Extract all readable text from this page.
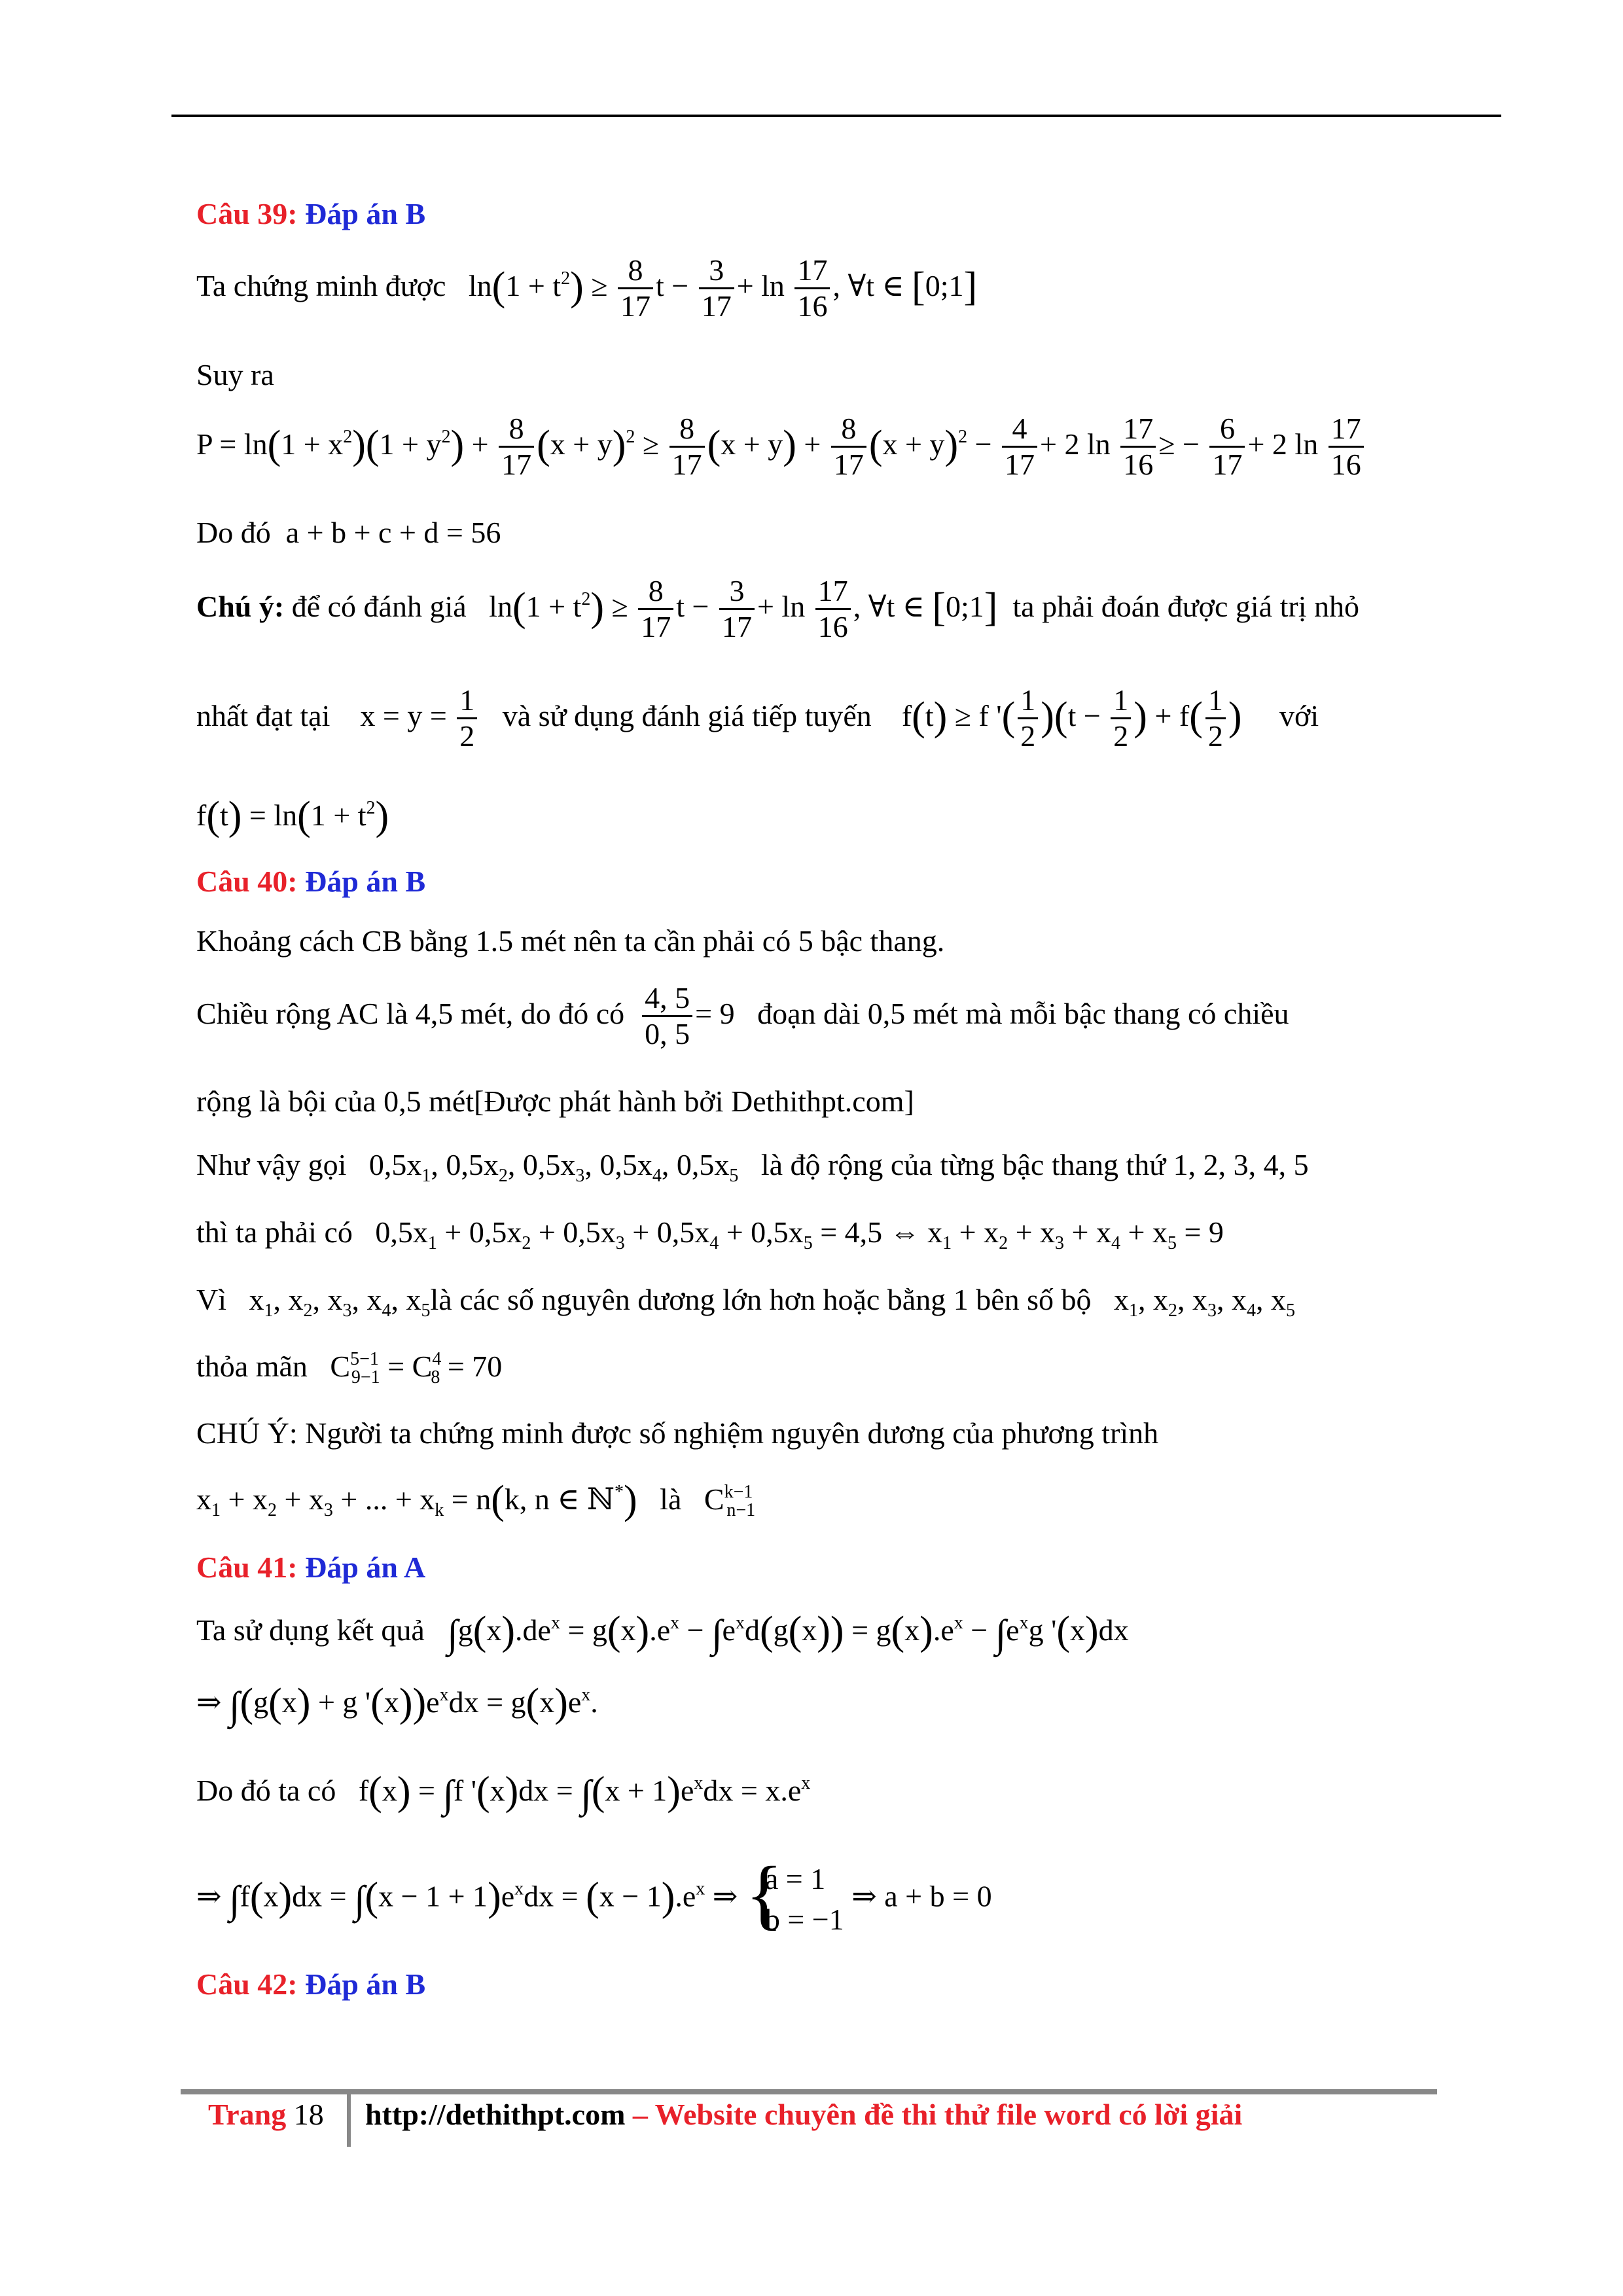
Câu 39: Đáp án B
Ta chứng minh được   $\ln(1 + t^2) \ge \frac{8}{17}$ $t - \frac{3}{17} + \ln \frac{17}{16}$ , ∀t ∈ [0;1]
Suy ra
$P = \ln(1 + x^2)(1 + y^2) + \frac{8}{17} (x + y)^2 \ge \frac{8}{17} (x + y) + \frac{8}{17} (x + y)^2 - \frac{4}{17} + 2$ $\ln \frac{17}{16}$ ≥ − $\frac{6}{17} + 2$ $\ln \frac{17}{16}$
Do đó a + b + c + d = 56
Chú ý: để có đánh giá   $\ln(1 + t^2) \ge \frac{8}{17}$ $t - \frac{3}{17} + \ln \frac{17}{16}$ , ∀t ∈ [0;1] ta phải đoán được giá trị nhỏ
nhất đạt tại    $x = y = \frac{1}{2}$ và sử dụng đánh giá tiếp tuyến    f(t) ≥ f '( $\frac{1}{2} )(t - \frac{1}{2}$ ) + $f( \frac{1}{2}$ ) với
$f(t) = \ln(1 + t^2)$
Câu 40: Đáp án B
Khoảng cách CB bằng 1.5 mét nên ta cần phải có 5 bậc thang.
Chiều rộng AC là 4,5 mét, do đó có $\frac{4, 5}{0, 5} = 9$ đoạn dài 0,5 mét mà mỗi bậc thang có chiều
rộng là bội của 0,5 mét[Được phát hành bởi Dethithpt.com]
Như vậy gọi   $0,5x_1$, $0,5x_2$, $0,5x_3$, $0,5x_4$, $0,5x_5$ là độ rộng của từng bậc thang thứ 1, 2, 3, 4, 5
thì ta phải có   $0,5x_1 + 0,5x_2 + 0,5x_3 + 0,5x_4 + 0,5x_5 = 4,5$ ⇔ $x_1 + x_2 + x_3 + x_4 + x_5 = 9$
Vì   $x_1$, $x_2$, $x_3$, $x_4$, $x_5là$ các số nguyên dương lớn hơn hoặc bằng 1 bên số bộ   $x_1$, $x_2$, $x_3$, $x_4$, $x_5$
thỏa mãn   $C^{5-1}_{9-1} = C^4_8 = 70$
CHÚ Ý: Người ta chứng minh được số nghiệm nguyên dương của phương trình
$x_1 + x_2 + x_3$ + ... + $x_k = n(k$, n ∈ ℕ*) là   $C^{k-1}_{n-1}$
Câu 41: Đáp án A
Ta sử dụng kết quả $\int g(x).de^x = g(x).e^x - \int e^xd(g(x)) = g(x).e^x - \int e^xg$ '(x)dx
⇒ ∫(g(x) + g '$(x))e^xdx = g(x)e^x$.
Do đó ta có   f(x) = ∫f '$(x)dx = \int(x + 1)e^xdx = x.e^x$
⇒ $\int f(x)dx = \int(x - 1 + 1)e^xdx = (x - 1).e^x$ ⇒ {
a = 1
b = −1
⇒ a + b = 0
Câu 42: Đáp án B
Trang 18 http://dethithpt.com – Website chuyên đề thi thử file word có lời giải
